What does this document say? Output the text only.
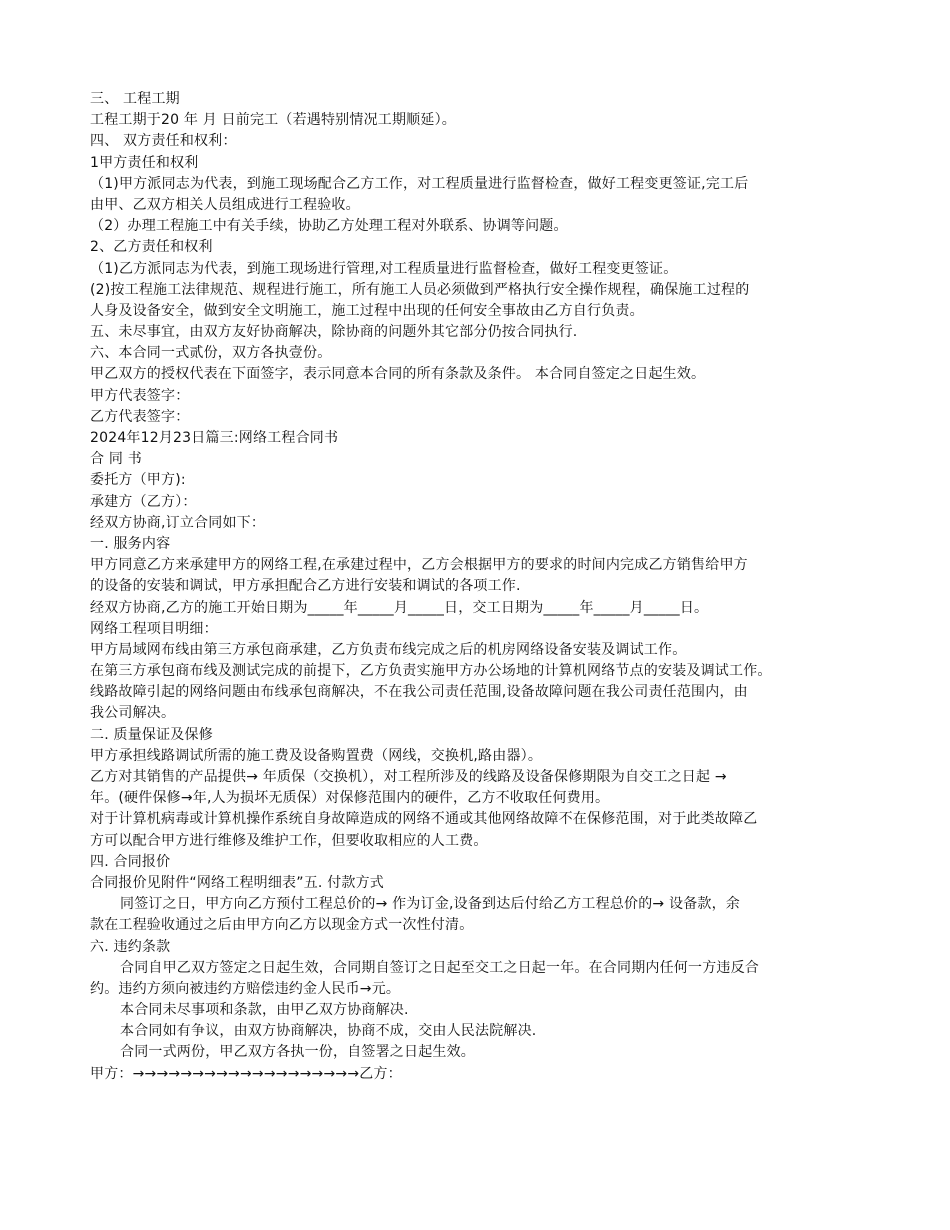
三、 工程工期
工程工期于20 年 月 日前完工（若遇特别情况工期顺延）。
四、 双方责任和权利：
1甲方责任和权利
（1)甲方派同志为代表，到施工现场配合乙方工作，对工程质量进行监督检查，做好工程变更签证,完工后
由甲、乙双方相关人员组成进行工程验收。
（2）办理工程施工中有关手续，协助乙方处理工程对外联系、协调等问题。
2、乙方责任和权利
（1)乙方派同志为代表，到施工现场进行管理,对工程质量进行监督检查，做好工程变更签证。
(2)按工程施工法律规范、规程进行施工，所有施工人员必须做到严格执行安全操作规程，确保施工过程的
人身及设备安全，做到安全文明施工，施工过程中出现的任何安全事故由乙方自行负责。
五、未尽事宜，由双方友好协商解决，除协商的问题外其它部分仍按合同执行.
六、本合同一式贰份，双方各执壹份。
甲乙双方的授权代表在下面签字，表示同意本合同的所有条款及条件。 本合同自签定之日起生效。
甲方代表签字：
乙方代表签字：
2024年12月23日篇三:网络工程合同书
合 同 书
委托方（甲方):
承建方（乙方）：
经双方协商,订立合同如下：
一. 服务内容
甲方同意乙方来承建甲方的网络工程,在承建过程中，乙方会根据甲方的要求的时间内完成乙方销售给甲方
的设备的安装和调试，甲方承担配合乙方进行安装和调试的各项工作.
经双方协商,乙方的施工开始日期为_____年_____月_____日，交工日期为_____年_____月_____日。
网络工程项目明细：
甲方局域网布线由第三方承包商承建，乙方负责布线完成之后的机房网络设备安装及调试工作。
在第三方承包商布线及测试完成的前提下，乙方负责实施甲方办公场地的计算机网络节点的安装及调试工作。
线路故障引起的网络问题由布线承包商解决，不在我公司责任范围,设备故障问题在我公司责任范围内，由
我公司解决。
二. 质量保证及保修
甲方承担线路调试所需的施工费及设备购置费（网线，交换机,路由器）。
乙方对其销售的产品提供→ 年质保（交换机），对工程所涉及的线路及设备保修期限为自交工之日起 →
年。(硬件保修→年,人为损坏无质保）对保修范围内的硬件，乙方不收取任何费用。
对于计算机病毒或计算机操作系统自身故障造成的网络不通或其他网络故障不在保修范围，对于此类故障乙
方可以配合甲方进行维修及维护工作，但要收取相应的人工费。
四. 合同报价
合同报价见附件“网络工程明细表”五. 付款方式
同签订之日，甲方向乙方预付工程总价的→ 作为订金,设备到达后付给乙方工程总价的→ 设备款，余
款在工程验收通过之后由甲方向乙方以现金方式一次性付清。
六. 违约条款
合同自甲乙双方签定之日起生效，合同期自签订之日起至交工之日起一年。在合同期内任何一方违反合
约。违约方须向被违约方赔偿违约金人民币→元。
本合同未尽事项和条款，由甲乙双方协商解决.
本合同如有争议，由双方协商解决，协商不成，交由人民法院解决.
合同一式两份，甲乙双方各执一份，自签署之日起生效。
甲方：→→→→→→→→→→→→→→→→→→→乙方：
